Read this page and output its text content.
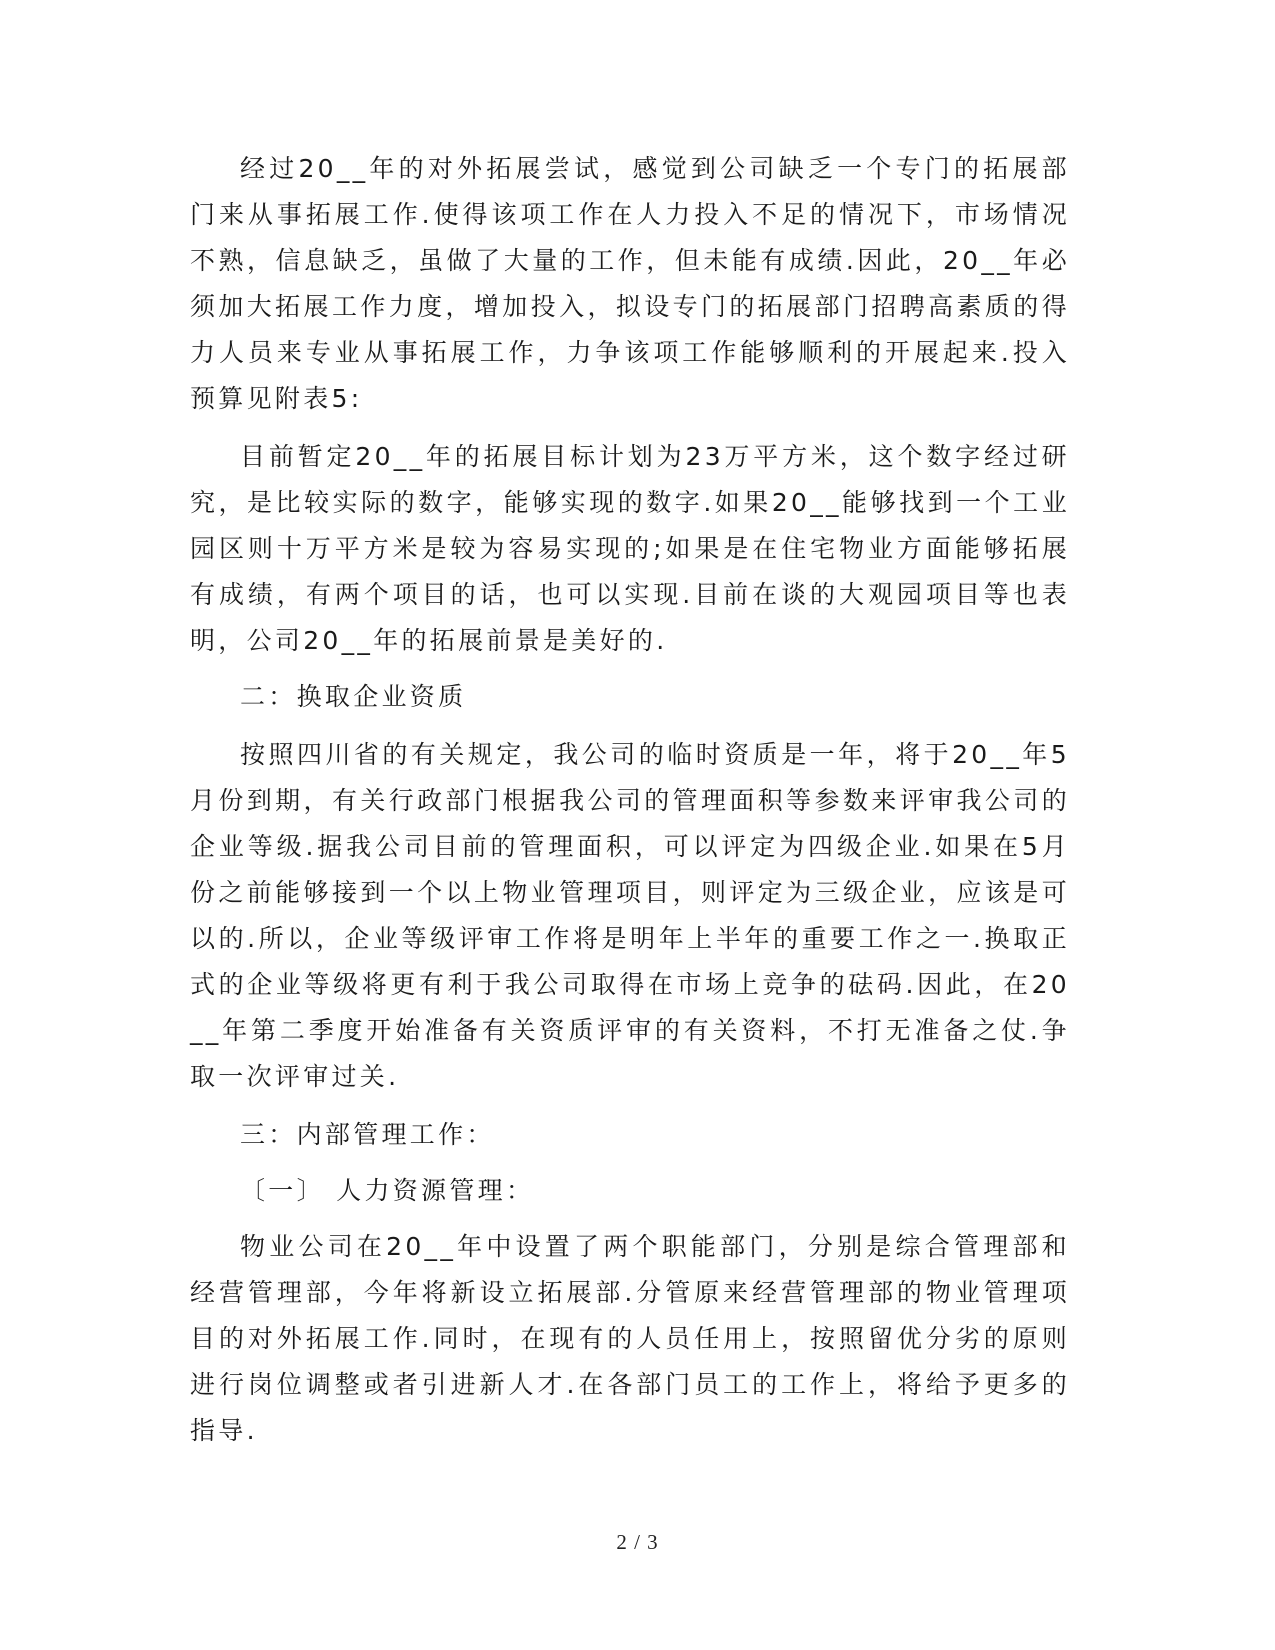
经过20__年的对外拓展尝试，感觉到公司缺乏一个专门的拓展部门来从事拓展工作.使得该项工作在人力投入不足的情况下，市场情况不熟，信息缺乏，虽做了大量的工作，但未能有成绩.因此，20__年必须加大拓展工作力度，增加投入，拟设专门的拓展部门招聘高素质的得力人员来专业从事拓展工作，力争该项工作能够顺利的开展起来.投入预算见附表5:

目前暂定20__年的拓展目标计划为23万平方米，这个数字经过研究，是比较实际的数字，能够实现的数字.如果20__能够找到一个工业园区则十万平方米是较为容易实现的;如果是在住宅物业方面能够拓展有成绩，有两个项目的话，也可以实现.目前在谈的大观园项目等也表明，公司20__年的拓展前景是美好的.

二：换取企业资质

按照四川省的有关规定，我公司的临时资质是一年，将于20__年5月份到期，有关行政部门根据我公司的管理面积等参数来评审我公司的企业等级.据我公司目前的管理面积，可以评定为四级企业.如果在5月份之前能够接到一个以上物业管理项目，则评定为三级企业，应该是可以的.所以，企业等级评审工作将是明年上半年的重要工作之一.换取正式的企业等级将更有利于我公司取得在市场上竞争的砝码.因此，在20__年第二季度开始准备有关资质评审的有关资料，不打无准备之仗.争取一次评审过关.

三：内部管理工作：

〔一〕 人力资源管理：

物业公司在20__年中设置了两个职能部门，分别是综合管理部和经营管理部，今年将新设立拓展部.分管原来经营管理部的物业管理项目的对外拓展工作.同时，在现有的人员任用上，按照留优分劣的原则进行岗位调整或者引进新人才.在各部门员工的工作上，将给予更多的指导.

2 / 3
